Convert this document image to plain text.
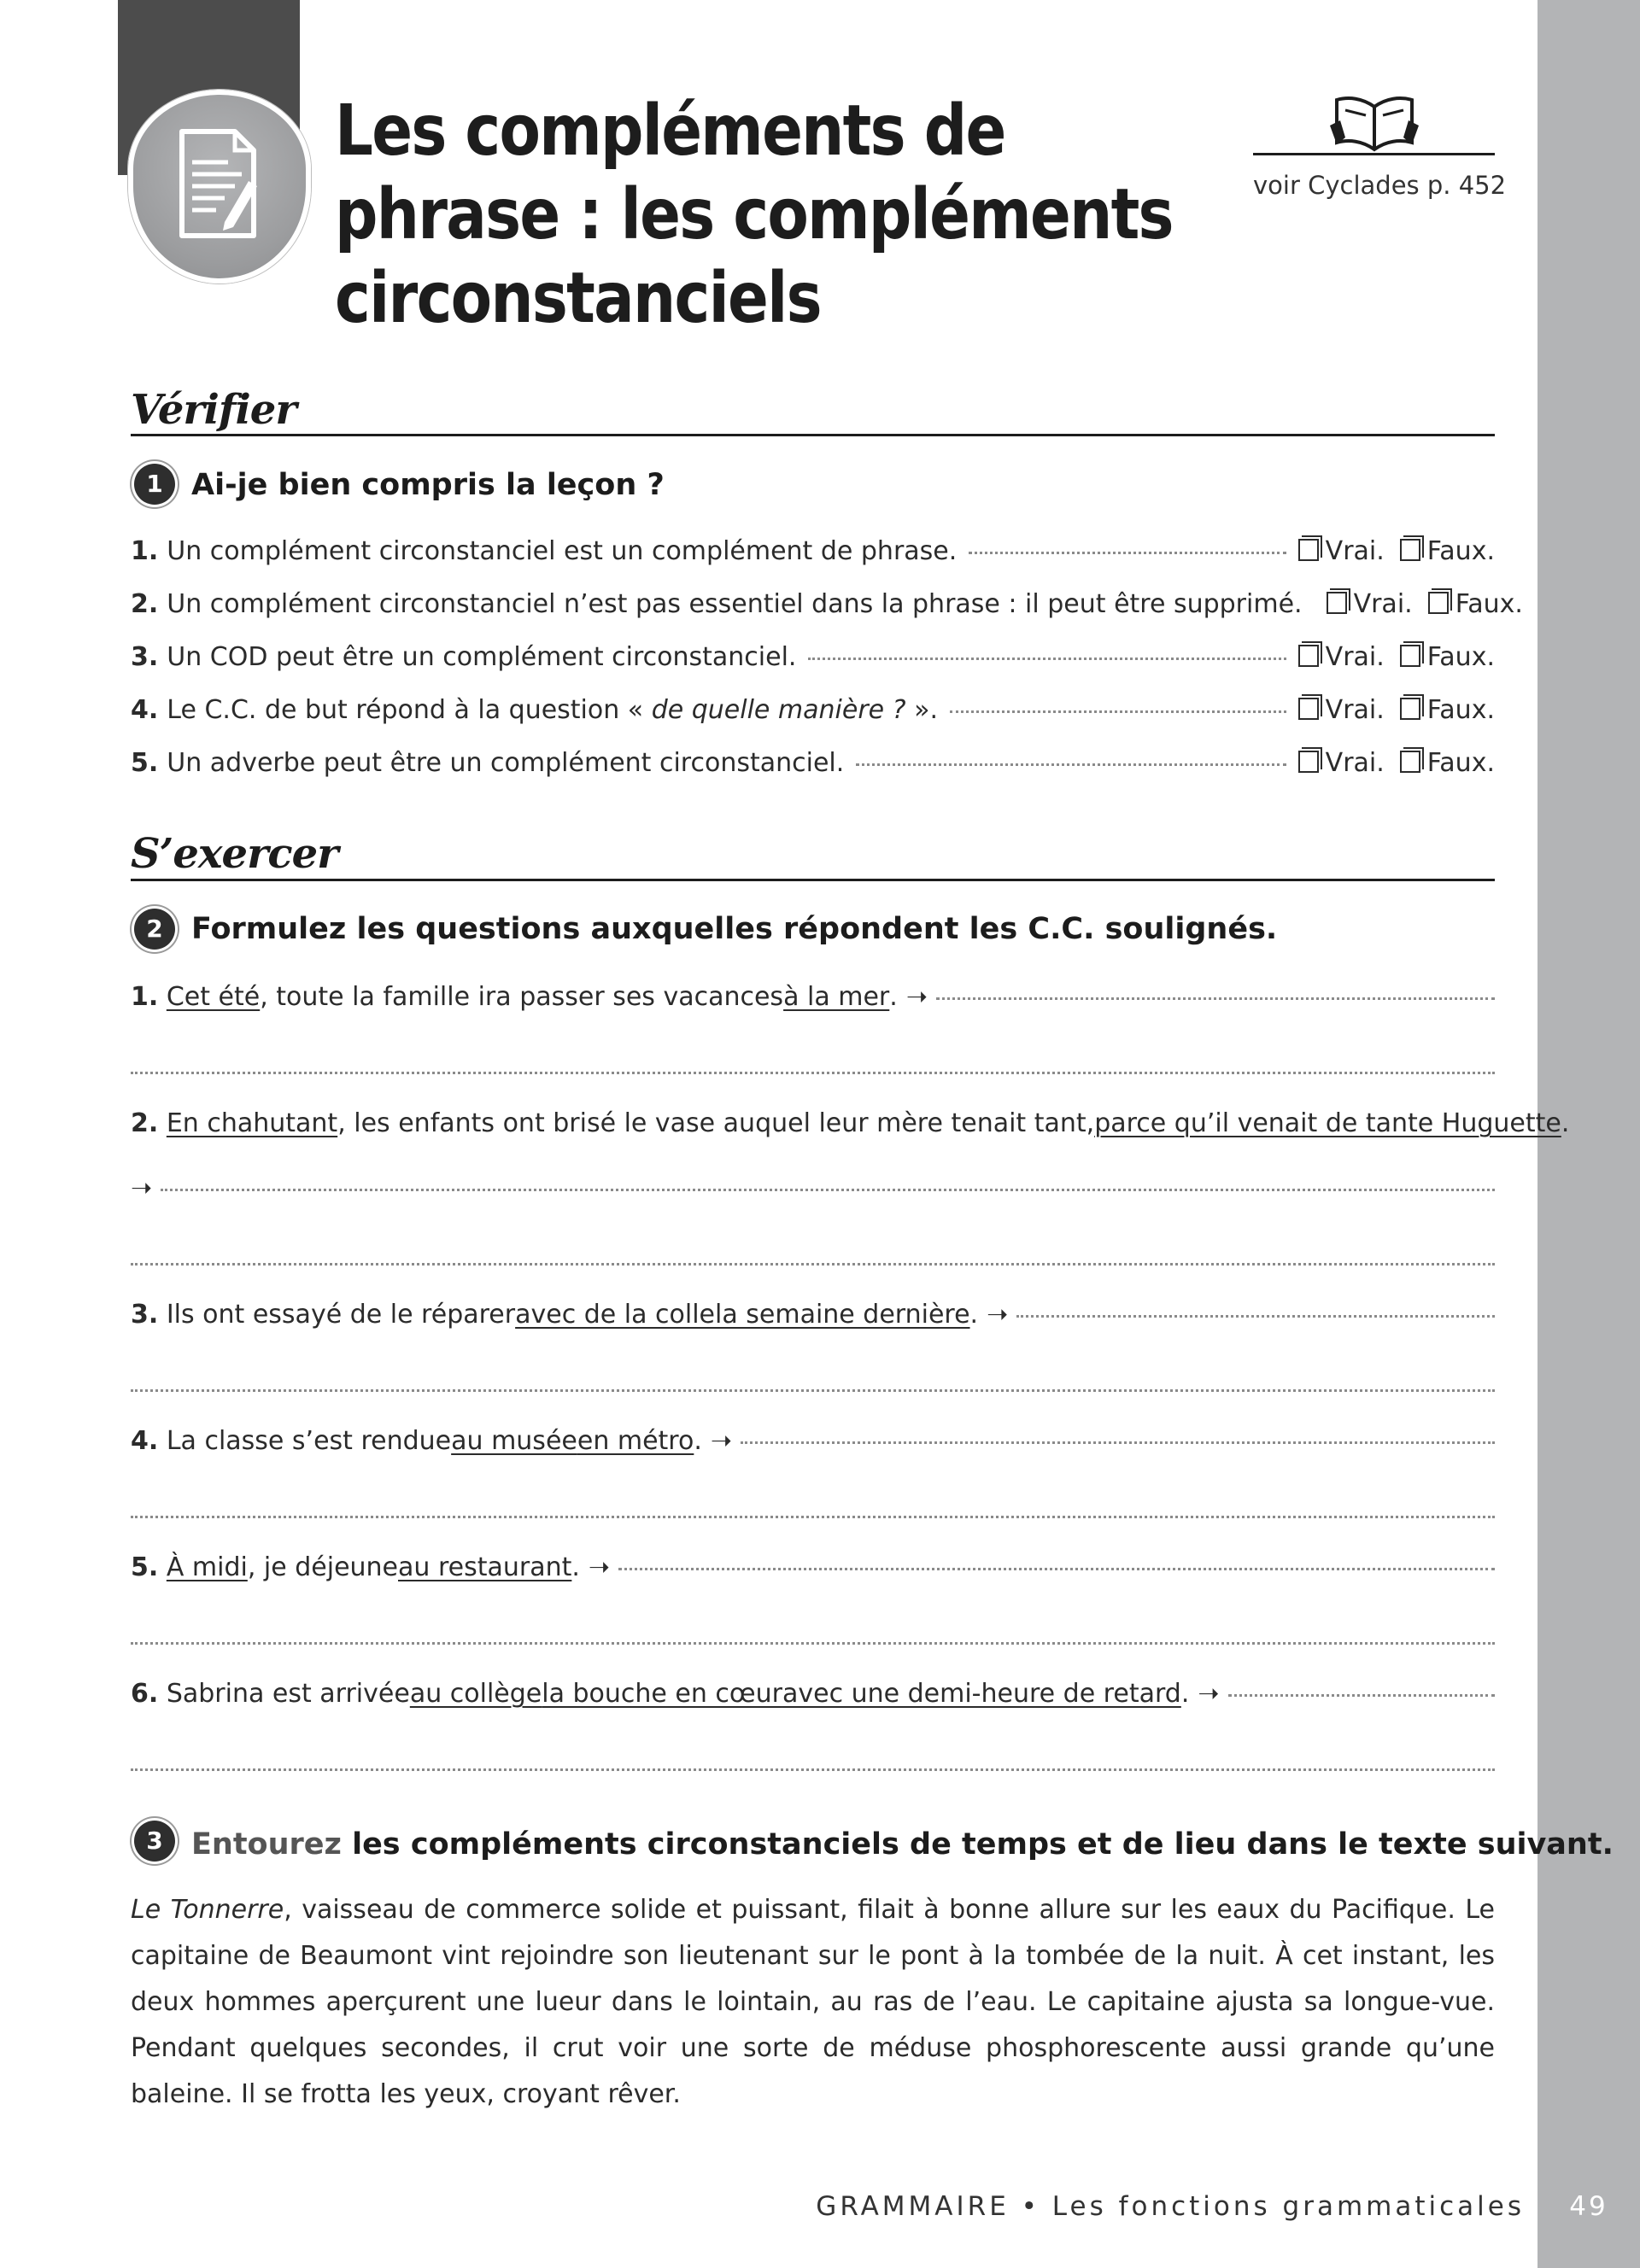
49
Les compléments de
phrase : les compléments
circonstanciels
voir Cyclades p. 452
Vérifier
1 Ai-je bien compris la leçon ?
1. Un complément circonstanciel est un complément de phrase.	Vrai.	Faux.
2. Un complément circonstanciel n’est pas essentiel dans la phrase : il peut être supprimé.	Vrai.	Faux.
3. Un COD peut être un complément circonstanciel.	Vrai.	Faux.
4. Le C.C. de but répond à la question « de quelle manière ? ».	Vrai.	Faux.
5. Un adverbe peut être un complément circonstanciel.	Vrai.	Faux.
S’exercer
2 Formulez les questions auxquelles répondent les C.C. soulignés.
1.
Cet été , toute la famille ira passer ses vacances à la mer . ➝
2.
En chahutant , les enfants ont brisé le vase auquel leur mère tenait tant, parce qu’il venait de tante Huguette .
➝
3.
Ils ont essayé de le réparer avec de la colle la semaine dernière . ➝
4.
La classe s’est rendue au musée en métro . ➝
5.
À midi , je déjeune au restaurant . ➝
6.
Sabrina est arrivée au collège la bouche en cœur avec une demi-heure de retard . ➝
3 Entourez les compléments circonstanciels de temps et de lieu dans le texte suivant.
Le Tonnerre, vaisseau de commerce solide et puissant, filait à bonne allure sur les eaux du Pacifique. Le capitaine de Beaumont vint rejoindre son lieutenant sur le pont à la tombée de la nuit. À cet instant, les deux hommes aperçurent une lueur dans le lointain, au ras de l’eau. Le capitaine ajusta sa longue-vue. Pendant quelques secondes, il crut voir une sorte de méduse phosphorescente aussi grande qu’une baleine. Il se frotta les yeux, croyant rêver.
GRAMMAIRE • Les fonctions grammaticales
